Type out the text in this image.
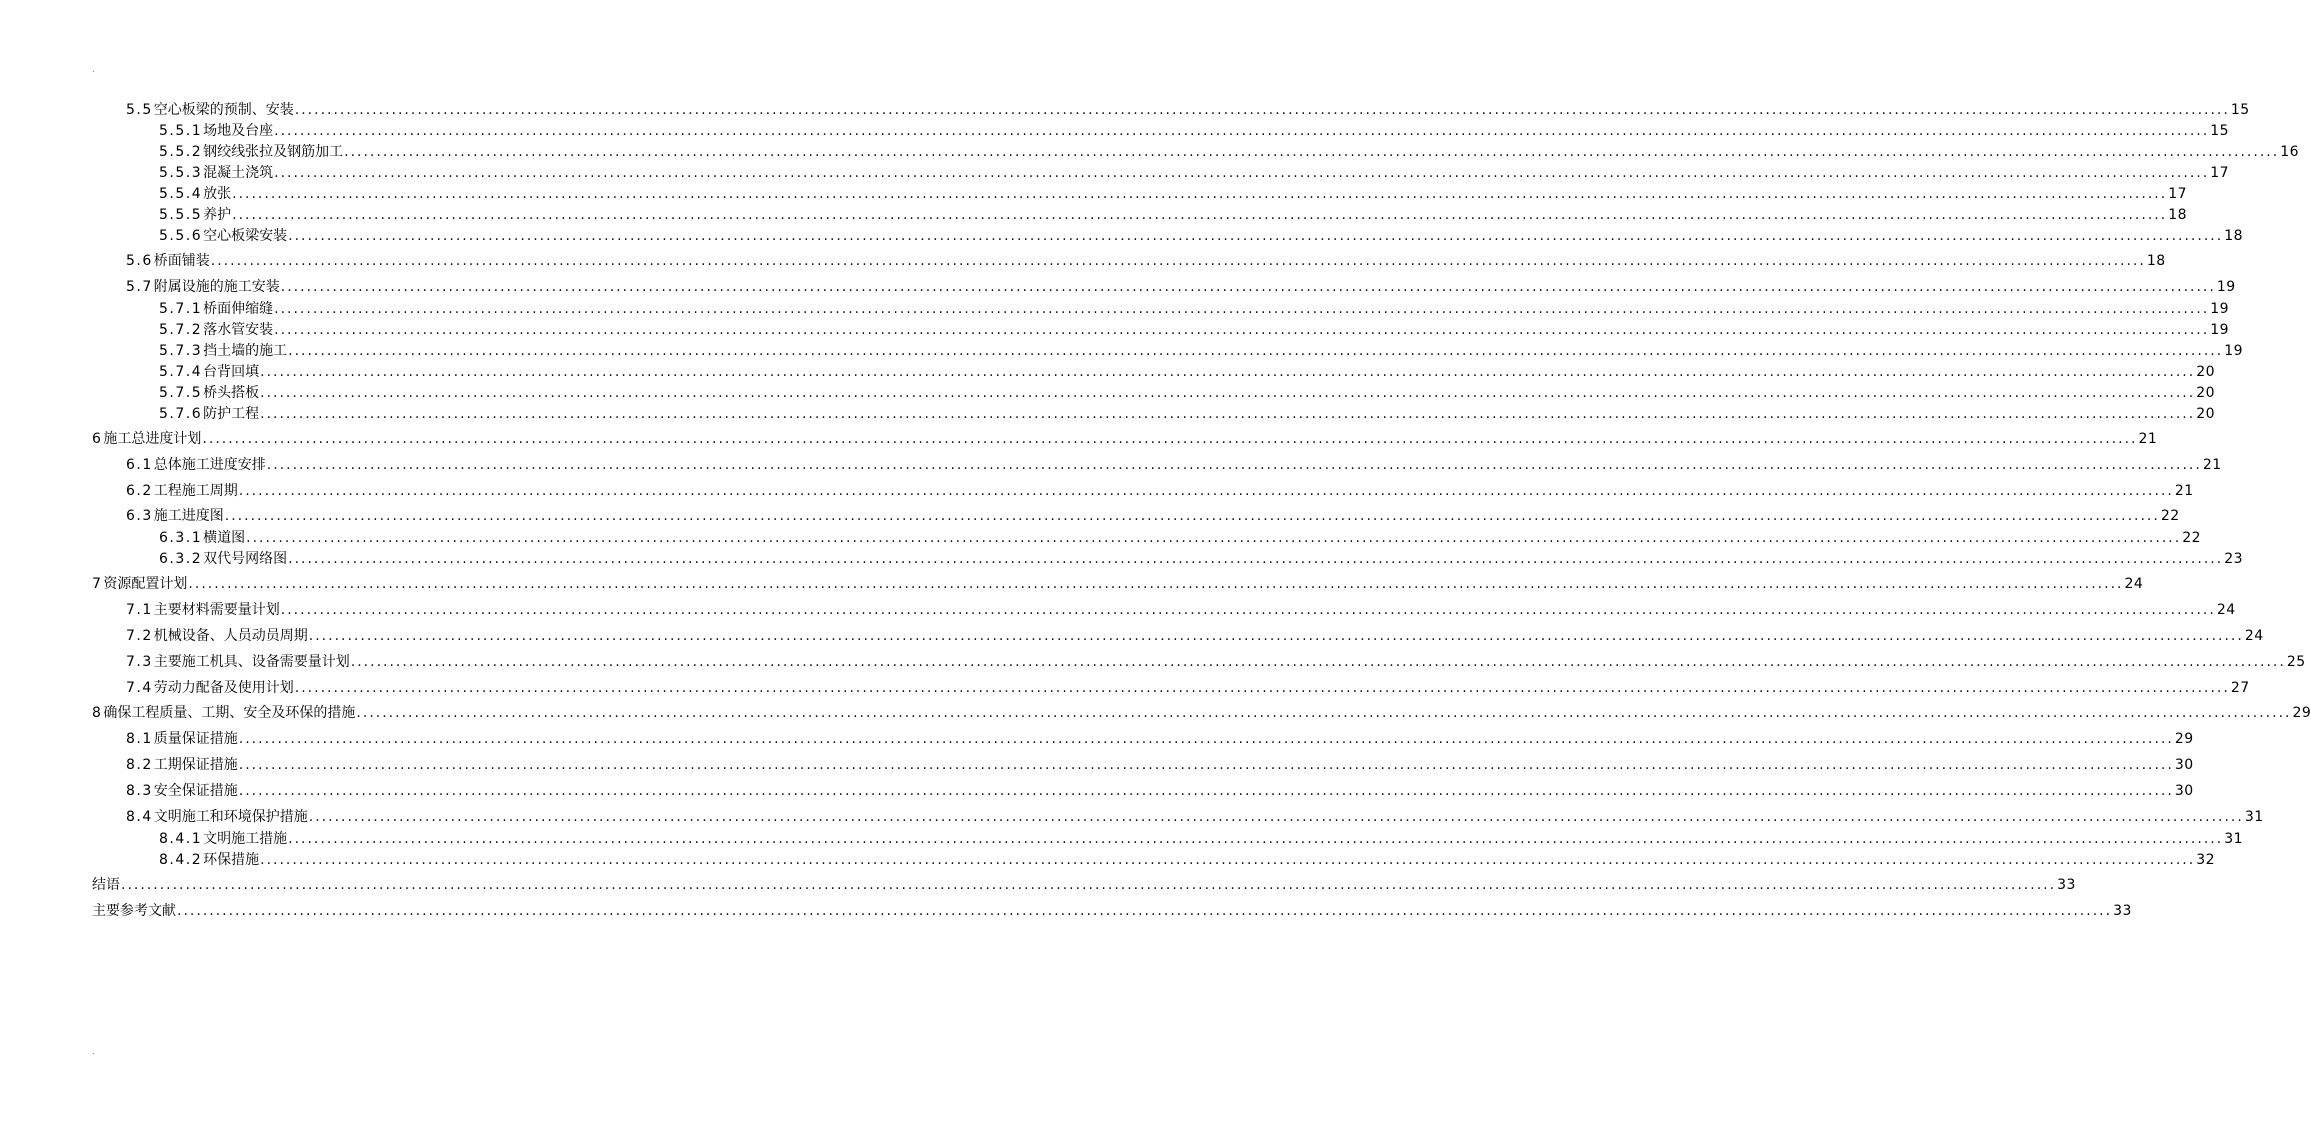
.
5.5 空心板梁的预制、安装 ............................................................................................................................................................................................................................................................................................................ 15
5.5.1 场地及台座 ............................................................................................................................................................................................................................................................................................................ 15
5.5.2 钢绞线张拉及钢筋加工 ............................................................................................................................................................................................................................................................................................................ 16
5.5.3 混凝土浇筑 ............................................................................................................................................................................................................................................................................................................ 17
5.5.4 放张 ............................................................................................................................................................................................................................................................................................................ 17
5.5.5 养护 ............................................................................................................................................................................................................................................................................................................ 18
5.5.6 空心板梁安装 ............................................................................................................................................................................................................................................................................................................ 18
5.6 桥面铺装 ............................................................................................................................................................................................................................................................................................................ 18
5.7 附属设施的施工安装 ............................................................................................................................................................................................................................................................................................................ 19
5.7.1 桥面伸缩缝 ............................................................................................................................................................................................................................................................................................................ 19
5.7.2 落水管安装 ............................................................................................................................................................................................................................................................................................................ 19
5.7.3 挡土墙的施工 ............................................................................................................................................................................................................................................................................................................ 19
5.7.4 台背回填 ............................................................................................................................................................................................................................................................................................................ 20
5.7.5 桥头搭板 ............................................................................................................................................................................................................................................................................................................ 20
5.7.6 防护工程 ............................................................................................................................................................................................................................................................................................................ 20
6 施工总进度计划 ............................................................................................................................................................................................................................................................................................................ 21
6.1 总体施工进度安排 ............................................................................................................................................................................................................................................................................................................ 21
6.2 工程施工周期 ............................................................................................................................................................................................................................................................................................................ 21
6.3 施工进度图 ............................................................................................................................................................................................................................................................................................................ 22
6.3.1 横道图 ............................................................................................................................................................................................................................................................................................................ 22
6.3.2 双代号网络图 ............................................................................................................................................................................................................................................................................................................ 23
7 资源配置计划 ............................................................................................................................................................................................................................................................................................................ 24
7.1 主要材料需要量计划 ............................................................................................................................................................................................................................................................................................................ 24
7.2 机械设备、人员动员周期 ............................................................................................................................................................................................................................................................................................................ 24
7.3 主要施工机具、设备需要量计划 ............................................................................................................................................................................................................................................................................................................ 25
7.4 劳动力配备及使用计划 ............................................................................................................................................................................................................................................................................................................ 27
8 确保工程质量、工期、安全及环保的措施 ............................................................................................................................................................................................................................................................................................................ 29
8.1 质量保证措施 ............................................................................................................................................................................................................................................................................................................ 29
8.2 工期保证措施 ............................................................................................................................................................................................................................................................................................................ 30
8.3 安全保证措施 ............................................................................................................................................................................................................................................................................................................ 30
8.4 文明施工和环境保护措施 ............................................................................................................................................................................................................................................................................................................ 31
8.4.1 文明施工措施 ............................................................................................................................................................................................................................................................................................................ 31
8.4.2 环保措施 ............................................................................................................................................................................................................................................................................................................ 32
结语 ............................................................................................................................................................................................................................................................................................................ 33
主要参考文献 ............................................................................................................................................................................................................................................................................................................ 33
.
